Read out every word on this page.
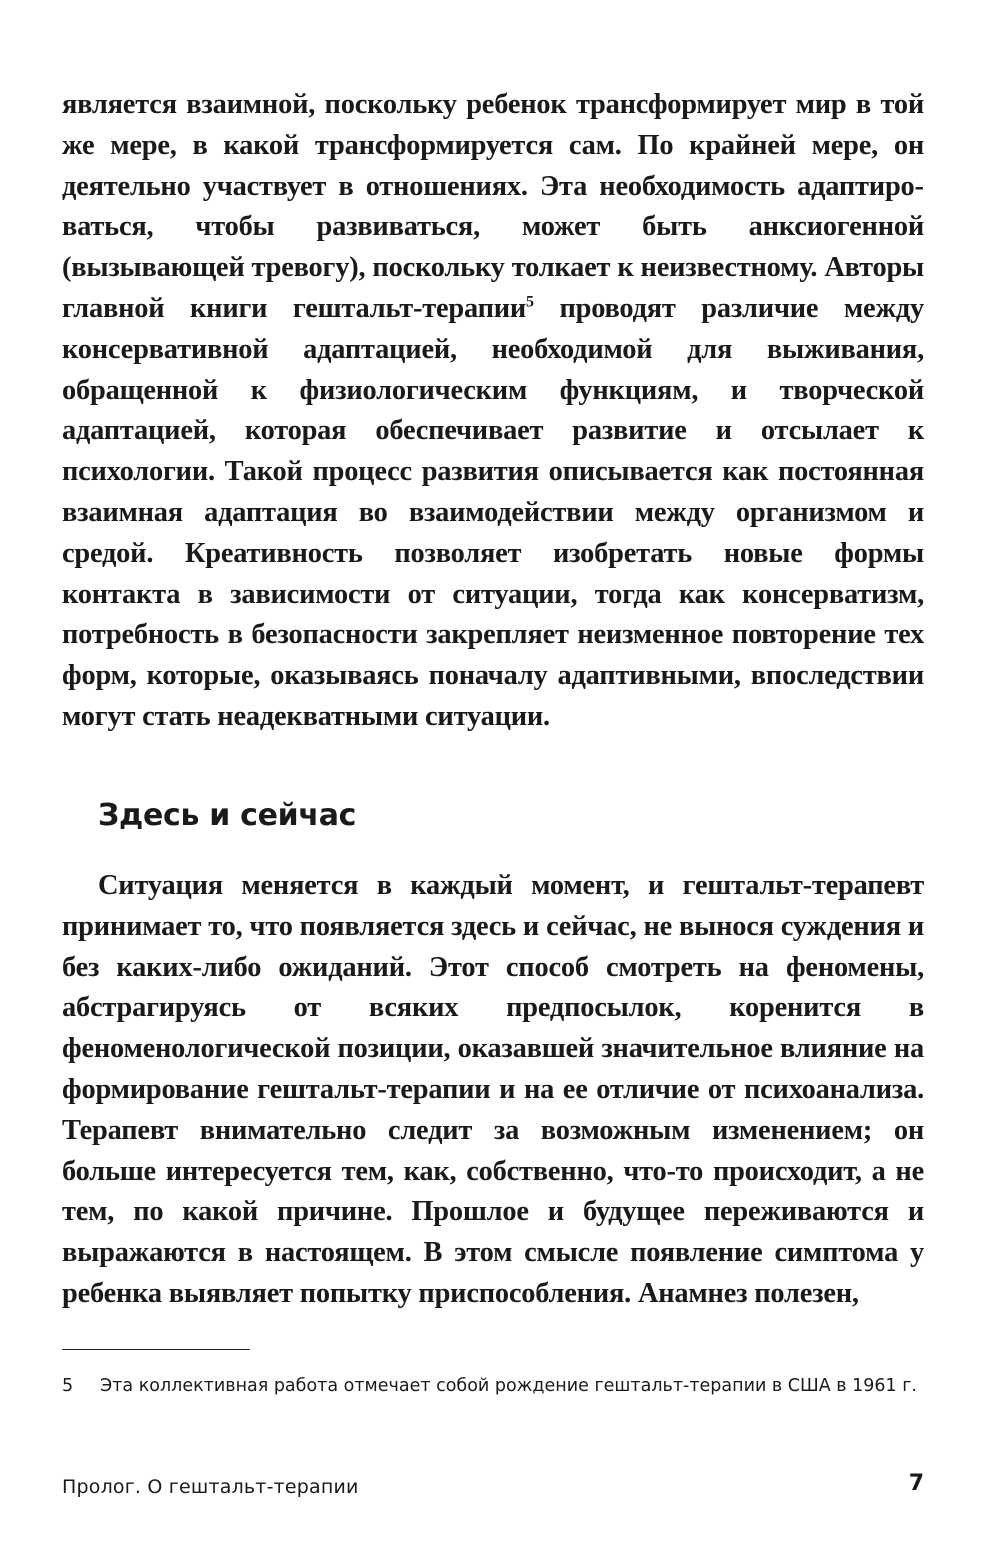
является взаимной, поскольку ребенок трансформирует мир в той же мере, в какой трансформируется сам. По крайней мере, он деятельно участвует в отношениях. Эта необходимость адаптироваться, чтобы развиваться, может быть анксиогенной (вызывающей тревогу), поскольку толкает к неизвестному. Авторы главной книги гештальт-терапии$^5$ проводят различие между консервативной адаптацией, необходимой для выживания, обращенной к физиологическим функциям, и творческой адаптацией, которая обеспечивает развитие и отсылает к психологии. Такой процесс развития описывается как постоянная взаимная адаптация во взаимодействии между организмом и средой. Креативность позволяет изобретать новые формы контакта в зависимости от ситуации, тогда как консерватизм, потребность в безопасности закрепляет неизменное повторение тех форм, которые, оказываясь поначалу адаптивными, впоследствии могут стать неадекватными ситуации.

Здесь и сейчас

Ситуация меняется в каждый момент, и гештальт-терапевт принимает то, что появляется здесь и сейчас, не вынося суждения и без каких-либо ожиданий. Этот способ смотреть на феномены, абстрагируясь от всяких предпосылок, коренится в феноменологической позиции, оказавшей значительное влияние на формирование гештальт-терапии и на ее отличие от психоанализа. Терапевт внимательно следит за возможным изменением; он больше интересуется тем, как, собственно, что-то происходит, а не тем, по какой причине. Прошлое и будущее переживаются и выражаются в настоящем. В этом смысле появление симптома у ребенка выявляет попытку приспособления. Анамнез полезен,

5 Эта коллективная работа отмечает собой рождение гештальт-терапии в США в 1961 г.
Пролог. О гештальт-терапии	7
